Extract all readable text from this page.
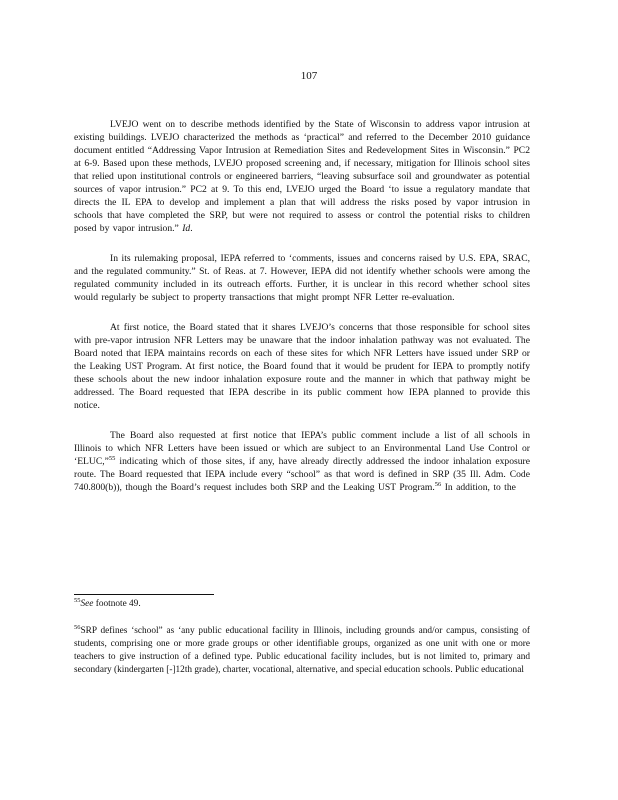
107

LVEJO went on to describe methods identified by the State of Wisconsin to address vapor intrusion at existing buildings. LVEJO characterized the methods as ‘practical” and referred to the December 2010 guidance document entitled “Addressing Vapor Intrusion at Remediation Sites and Redevelopment Sites in Wisconsin.” PC2 at 6-9. Based upon these methods, LVEJO proposed screening and, if necessary, mitigation for Illinois school sites that relied upon institutional controls or engineered barriers, “leaving subsurface soil and groundwater as potential sources of vapor intrusion.” PC2 at 9. To this end, LVEJO urged the Board ‘to issue a regulatory mandate that directs the IL EPA to develop and implement a plan that will address the risks posed by vapor intrusion in schools that have completed the SRP, but were not required to assess or control the potential risks to children posed by vapor intrusion.” Id.

In its rulemaking proposal, IEPA referred to ‘comments, issues and concerns raised by U.S. EPA, SRAC, and the regulated community.” St. of Reas. at 7. However, IEPA did not identify whether schools were among the regulated community included in its outreach efforts. Further, it is unclear in this record whether school sites would regularly be subject to property transactions that might prompt NFR Letter re-evaluation.

At first notice, the Board stated that it shares LVEJO’s concerns that those responsible for school sites with pre-vapor intrusion NFR Letters may be unaware that the indoor inhalation pathway was not evaluated. The Board noted that IEPA maintains records on each of these sites for which NFR Letters have issued under SRP or the Leaking UST Program. At first notice, the Board found that it would be prudent for IEPA to promptly notify these schools about the new indoor inhalation exposure route and the manner in which that pathway might be addressed. The Board requested that IEPA describe in its public comment how IEPA planned to provide this notice.

The Board also requested at first notice that IEPA’s public comment include a list of all schools in Illinois to which NFR Letters have been issued or which are subject to an Environmental Land Use Control or ‘ELUC,”$^{55}$ indicating which of those sites, if any, have already directly addressed the indoor inhalation exposure route. The Board requested that IEPA include every “school” as that word is defined in SRP (35 Ill. Adm. Code 740.800(b)), though the Board’s request includes both SRP and the Leaking UST Program.$^{56}$ In addition, to the

$^{55}$See footnote 49.

$^{56}$SRP defines ‘school” as ‘any public educational facility in Illinois, including grounds and/or campus, consisting of students, comprising one or more grade groups or other identifiable groups, organized as one unit with one or more teachers to give instruction of a defined type. Public educational facility includes, but is not limited to, primary and secondary (kindergarten [-]12th grade), charter, vocational, alternative, and special education schools. Public educational
